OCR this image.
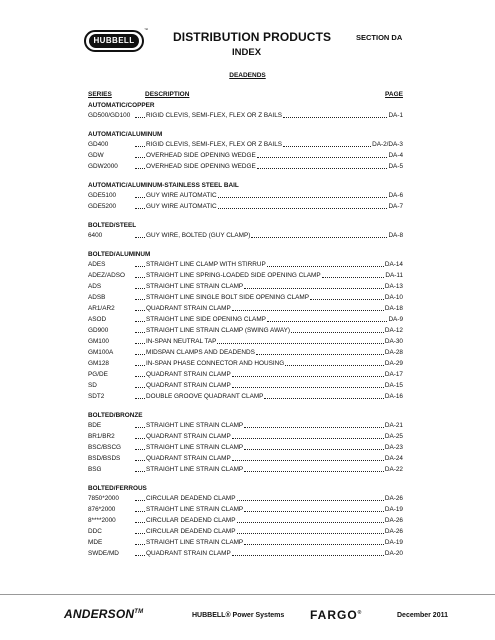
HUBBELL
™
DISTRIBUTION PRODUCTS
INDEX
SECTION DA
DEADENDS
SERIES	DESCRIPTION	PAGE
AUTOMATIC/COPPER
GD500/GD100	RIGID CLEVIS, SEMI-FLEX, FLEX OR Z BAILS	DA-1
AUTOMATIC/ALUMINUM
GD400	RIGID CLEVIS, SEMI-FLEX, FLEX OR Z BAILS	DA-2/DA-3
GDW	OVERHEAD SIDE OPENING WEDGE	DA-4
GDW2000	OVERHEAD SIDE OPENING WEDGE	DA-5
AUTOMATIC/ALUMINUM-STAINLESS STEEL BAIL
GDE5100	GUY WIRE AUTOMATIC	DA-6
GDE5200	GUY WIRE AUTOMATIC	DA-7
BOLTED/STEEL
6400	GUY WIRE, BOLTED (GUY CLAMP)	DA-8
BOLTED/ALUMINUM
ADES	STRAIGHT LINE CLAMP WITH STIRRUP	DA-14
ADEZ/ADSO	STRAIGHT LINE SPRING-LOADED SIDE OPENING CLAMP	DA-11
ADS	STRAIGHT LINE STRAIN CLAMP	DA-13
ADSB	STRAIGHT LINE SINGLE BOLT SIDE OPENING CLAMP	DA-10
AR1/AR2	QUADRANT STRAIN CLAMP	DA-18
ASOD	STRAIGHT LINE SIDE OPENING CLAMP	DA-9
GD900	STRAIGHT LINE STRAIN CLAMP (SWING AWAY)	DA-12
GM100	IN-SPAN NEUTRAL TAP	DA-30
GM100A	MIDSPAN CLAMPS AND DEADENDS	DA-28
GM128	IN-SPAN PHASE CONNECTOR AND HOUSING	DA-29
PG/DE	QUADRANT STRAIN CLAMP	DA-17
SD	QUADRANT STRAIN CLAMP	DA-15
SDT2	DOUBLE GROOVE QUADRANT CLAMP	DA-16
BOLTED/BRONZE
BDE	STRAIGHT LINE STRAIN CLAMP	DA-21
BR1/BR2	QUADRANT STRAIN CLAMP	DA-25
BSC/BSCG	STRAIGHT LINE STRAIN CLAMP	DA-23
BSD/BSDS	QUADRANT STRAIN CLAMP	DA-24
BSG	STRAIGHT LINE STRAIN CLAMP	DA-22
BOLTED/FERROUS
7850*2000	CIRCULAR DEADEND CLAMP	DA-26
876*2000	STRAIGHT LINE STRAIN CLAMP	DA-19
8****2000	CIRCULAR DEADEND CLAMP	DA-26
DDC	CIRCULAR DEADEND CLAMP	DA-26
MDE	STRAIGHT LINE STRAIN CLAMP	DA-19
SWDE/MD	QUADRANT STRAIN CLAMP	DA-20
ANDERSON™	HUBBELL® Power Systems FARGO®	December 2011
